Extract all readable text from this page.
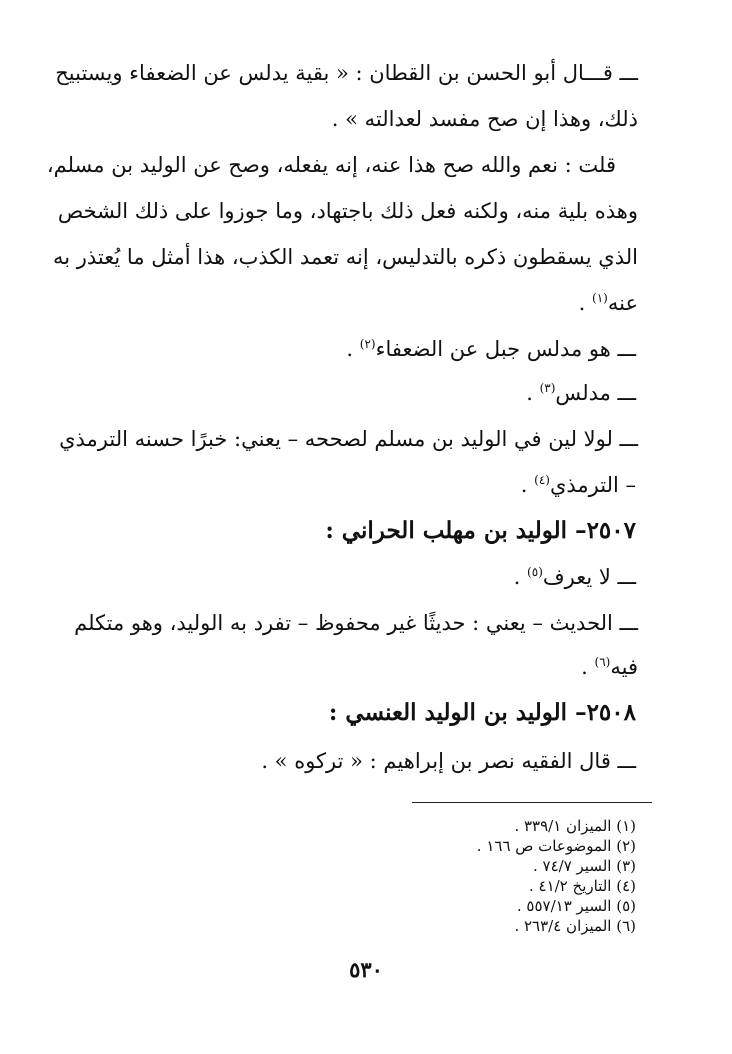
ـــ قـــال أبو الحسن بن القطان : « بقية يدلس عن الضعفاء ويستبيح
ذلك، وهذا إن صح مفسد لعدالته » .
قلت : نعم والله صح هذا عنه، إنه يفعله، وصح عن الوليد بن مسلم،
وهذه بلية منه، ولكنه فعل ذلك باجتهاد، وما جوزوا على ذلك الشخص
الذي يسقطون ذكره بالتدليس، إنه تعمد الكذب، هذا أمثل ما يُعتذر به
عنه$^{(١)}$ .
ـــ هو مدلس جبل عن الضعفاء$^{(٢)}$ .
ـــ مدلس$^{(٣)}$ .
ـــ لولا لين في الوليد بن مسلم لصححه – يعني: خبرًا حسنه الترمذي
– الترمذي$^{(٤)}$ .
٢٥٠٧– الوليد بن مهلب الحراني :
ـــ لا يعرف$^{(٥)}$ .
ـــ الحديث – يعني : حديثًا غير محفوظ – تفرد به الوليد، وهو متكلم
فيه$^{(٦)}$ .
٢٥٠٨– الوليد بن الوليد العنسي :
ـــ قال الفقيه نصر بن إبراهيم : « تركوه » .
(١) الميزان ٣٣٩/١ .
(٢) الموضوعات ص ١٦٦ .
(٣) السير ٧٤/٧ .
(٤) التاريخ ٤١/٢ .
(٥) السير ٥٥٧/١٣ .
(٦) الميزان ٢٦٣/٤ .
٥٣٠
